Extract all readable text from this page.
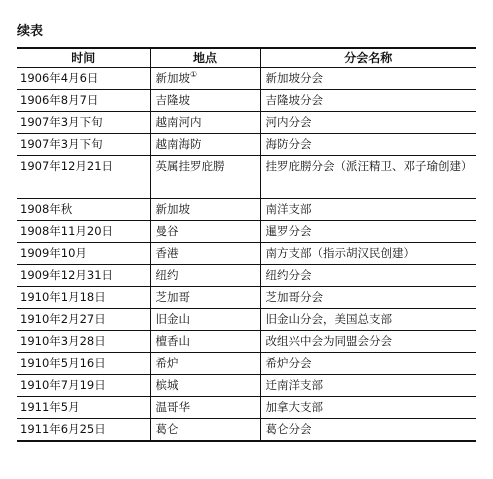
续表
时间	地点	分会名称
1906年4月6日	新加坡①	新加坡分会
1906年8月7日	吉隆坡	吉隆坡分会
1907年3月下旬	越南河内	河内分会
1907年3月下旬	越南海防	海防分会
1907年12月21日	英属挂罗庇朥	挂罗庇朥分会（派汪精卫、邓子瑜创建）
1908年秋	新加坡	南洋支部
1908年11月20日	曼谷	暹罗分会
1909年10月	香港	南方支部（指示胡汉民创建）
1909年12月31日	纽约	纽约分会
1910年1月18日	芝加哥	芝加哥分会
1910年2月27日	旧金山	旧金山分会，美国总支部
1910年3月28日	檀香山	改组兴中会为同盟会分会
1910年5月16日	希炉	希炉分会
1910年7月19日	槟城	迁南洋支部
1911年5月	温哥华	加拿大支部
1911年6月25日	葛仑	葛仑分会
